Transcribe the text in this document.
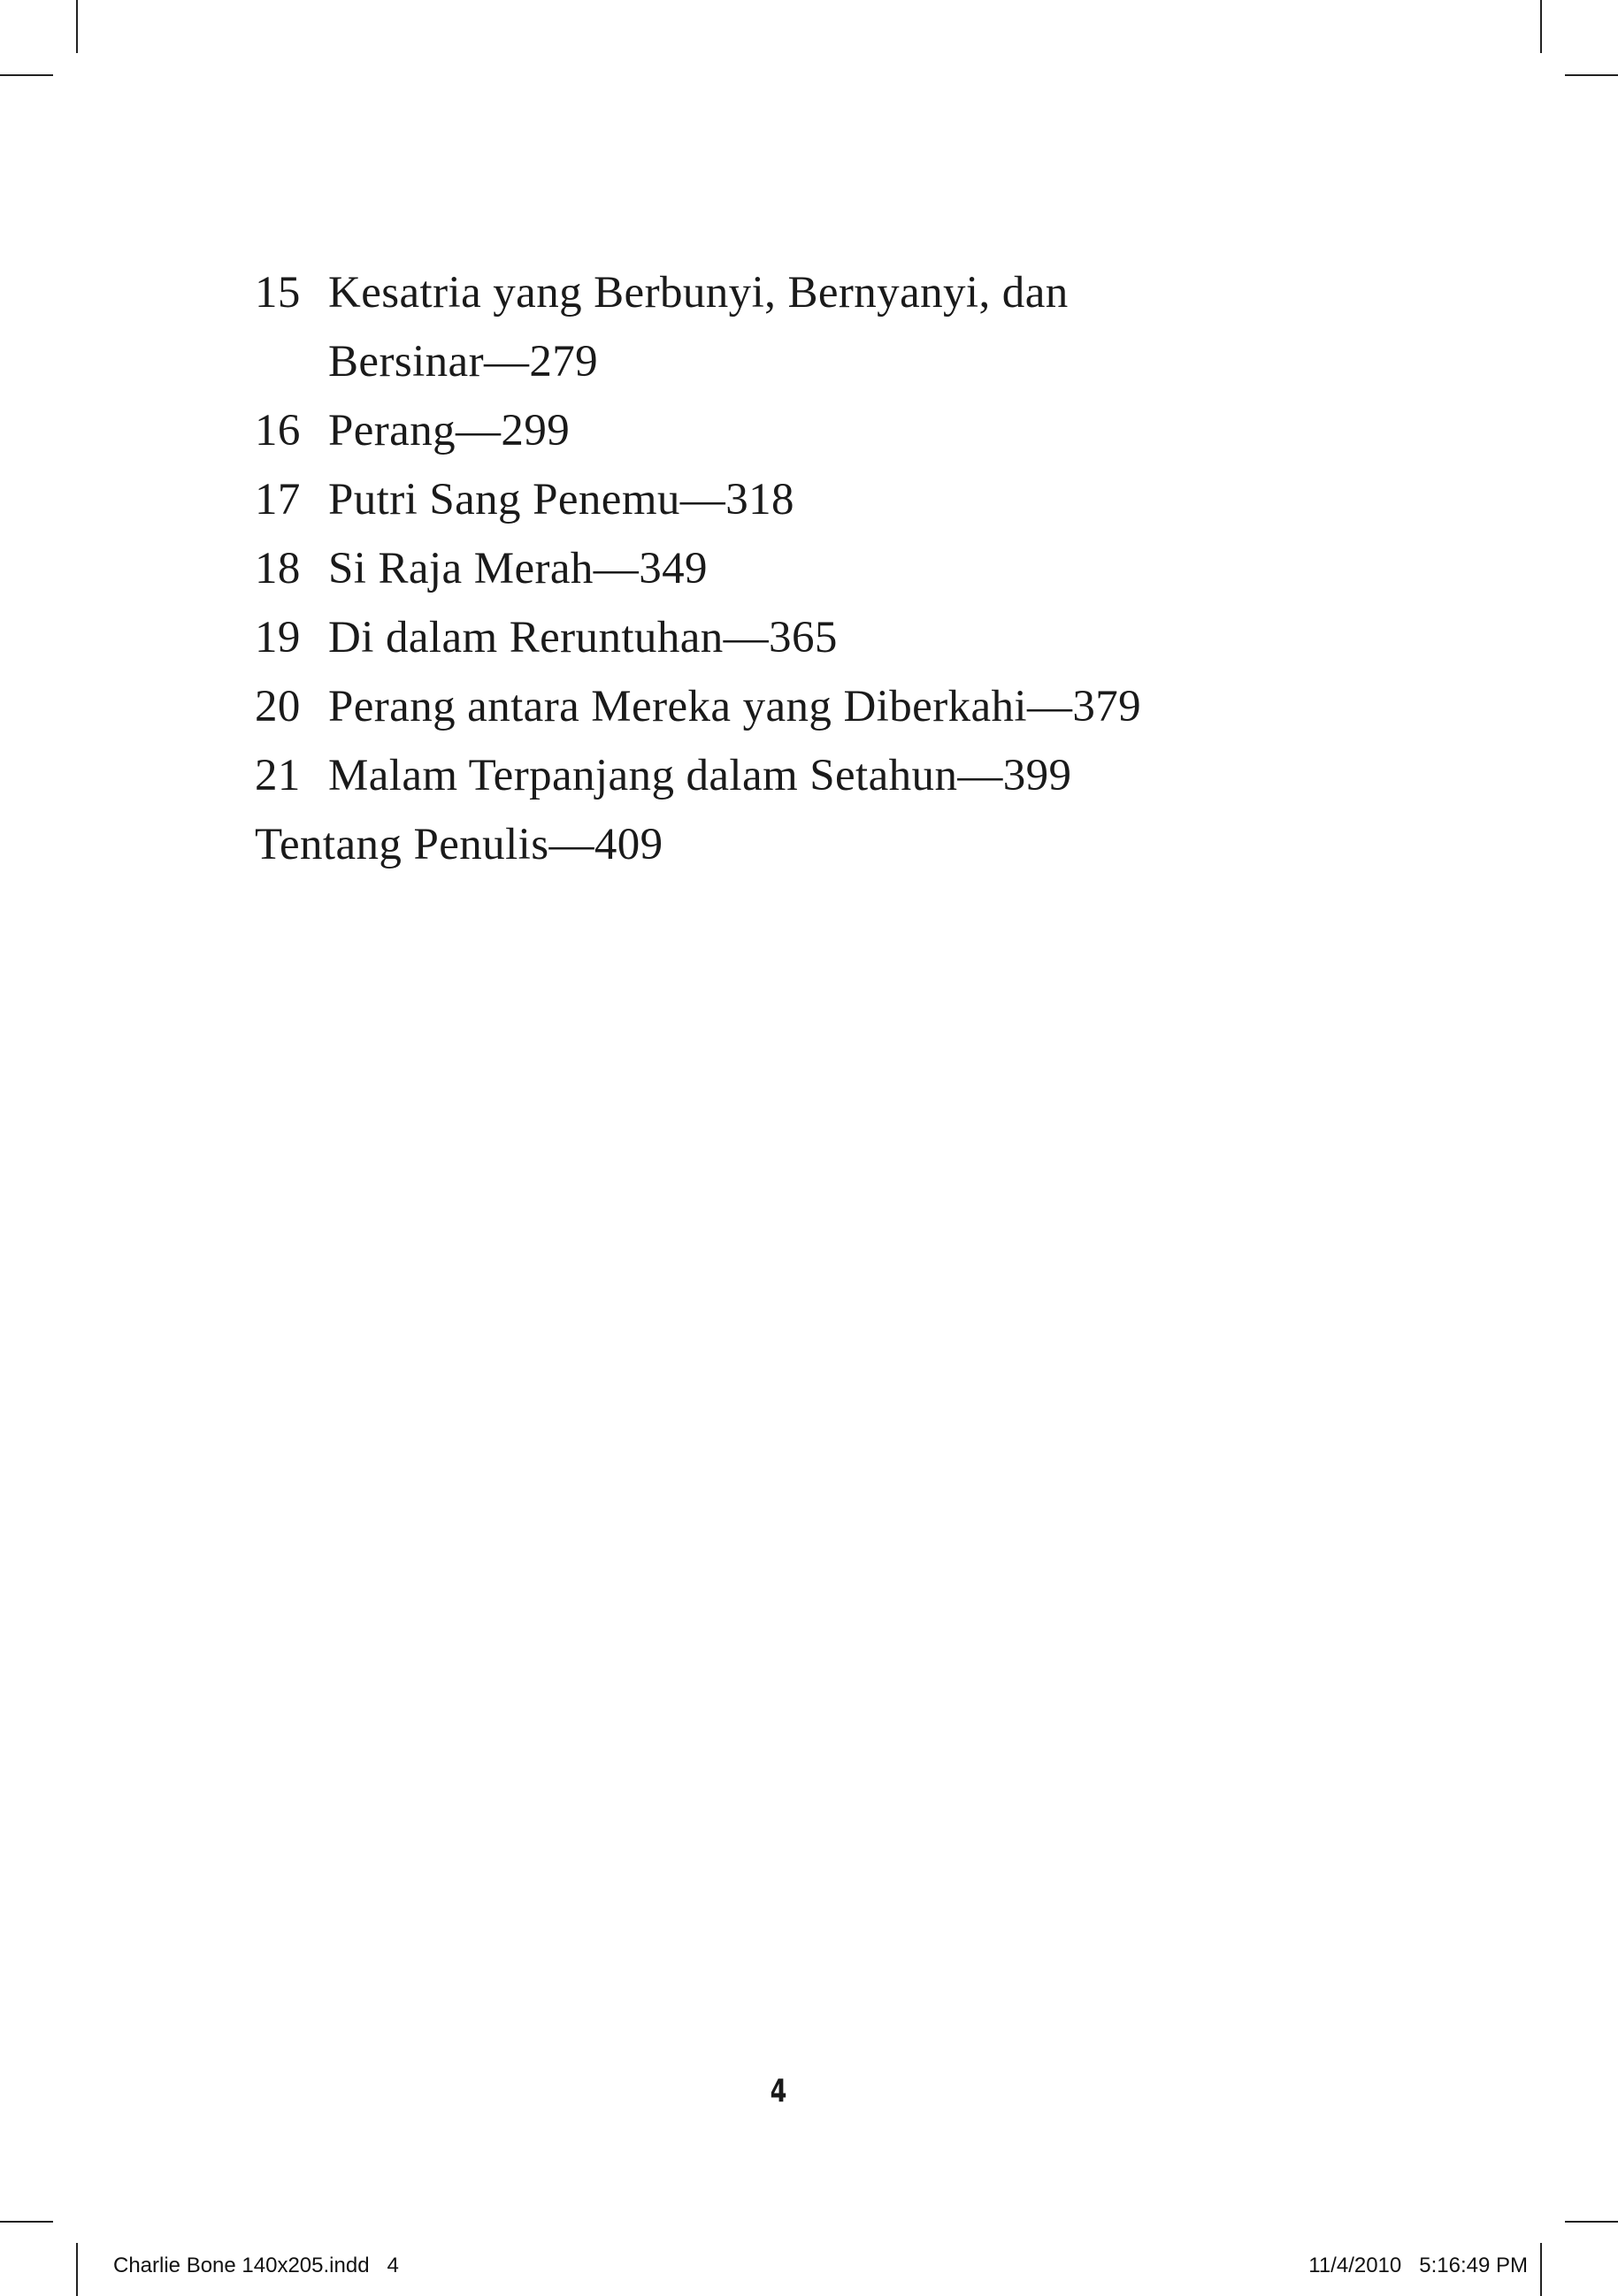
15 Kesatria yang Berbunyi, Bernyanyi, dan Bersinar—279
16 Perang—299
17 Putri Sang Penemu—318
18 Si Raja Merah—349
19 Di dalam Reruntuhan—365
20 Perang antara Mereka yang Diberkahi—379
21 Malam Terpanjang dalam Setahun—399
Tentang Penulis—409
4
Charlie Bone 140x205.indd   4	11/4/2010   5:16:49 PM
